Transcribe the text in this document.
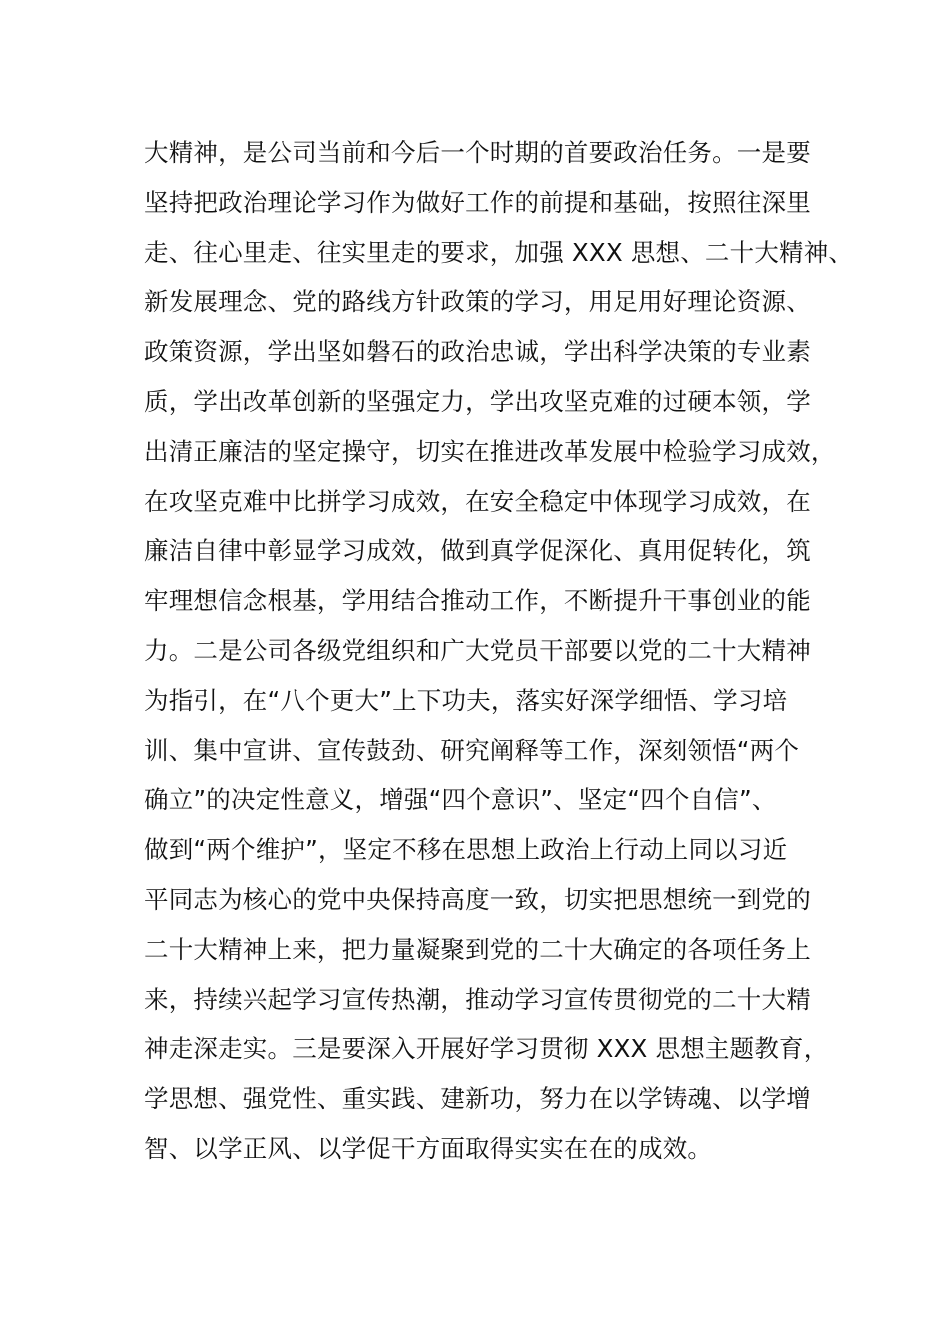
大精神，是公司当前和今后一个时期的首要政治任务。一是要
坚持把政治理论学习作为做好工作的前提和基础，按照往深里
走、往心里走、往实里走的要求，加强 XXX 思想、二十大精神、
新发展理念、党的路线方针政策的学习，用足用好理论资源、
政策资源，学出坚如磐石的政治忠诚，学出科学决策的专业素
质，学出改革创新的坚强定力，学出攻坚克难的过硬本领，学
出清正廉洁的坚定操守，切实在推进改革发展中检验学习成效，
在攻坚克难中比拼学习成效，在安全稳定中体现学习成效，在
廉洁自律中彰显学习成效，做到真学促深化、真用促转化，筑
牢理想信念根基，学用结合推动工作，不断提升干事创业的能
力。二是公司各级党组织和广大党员干部要以党的二十大精神
为指引，在“八个更大”上下功夫，落实好深学细悟、学习培
训、集中宣讲、宣传鼓劲、研究阐释等工作，深刻领悟“两个
确立”的决定性意义，增强“四个意识”、坚定“四个自信”、
做到“两个维护”，坚定不移在思想上政治上行动上同以习近
平同志为核心的党中央保持高度一致，切实把思想统一到党的
二十大精神上来，把力量凝聚到党的二十大确定的各项任务上
来，持续兴起学习宣传热潮，推动学习宣传贯彻党的二十大精
神走深走实。三是要深入开展好学习贯彻 XXX 思想主题教育，
学思想、强党性、重实践、建新功，努力在以学铸魂、以学增
智、以学正风、以学促干方面取得实实在在的成效。
